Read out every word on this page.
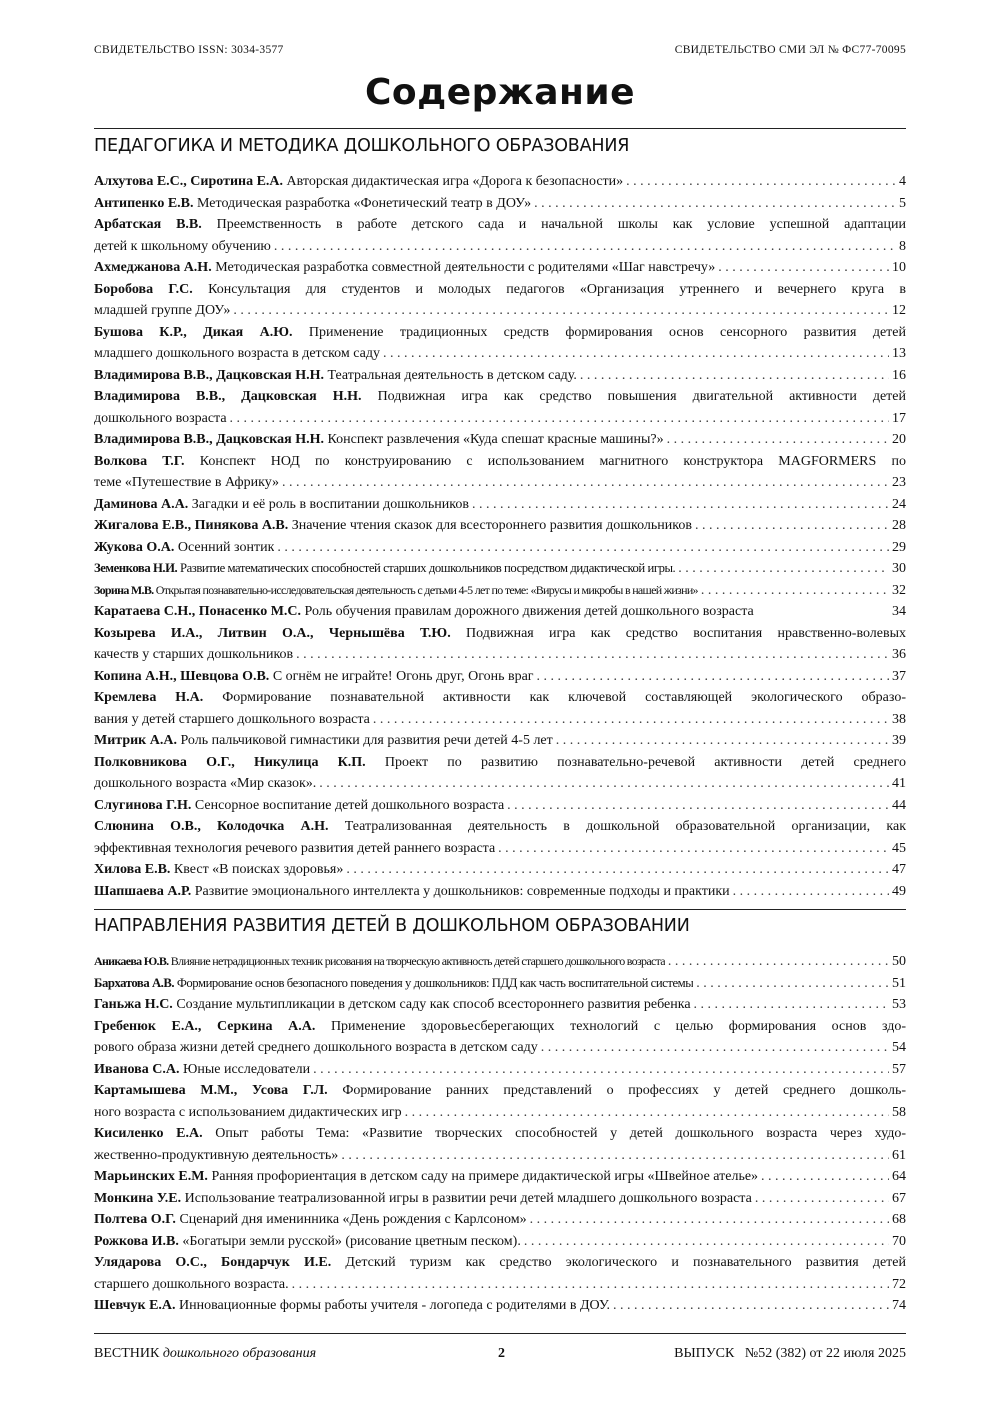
СВИДЕТЕЛЬСТВО ISSN: 3034-3577	СВИДЕТЕЛЬСТВО СМИ ЭЛ № ФС77-70095
Содержание
ПЕДАГОГИКА И МЕТОДИКА ДОШКОЛЬНОГО ОБРАЗОВАНИЯ
Алхутова Е.С., Сиротина Е.А. Авторская дидактическая игра «Дорога к безопасности» . . .	4
Антипенко Е.В. Методическая разработка «Фонетический театр в ДОУ» . . .	5
Арбатская В.В. Преемственность в работе детского сада и начальной школы как условие успешной адаптации
детей к школьному обучению . . .	8
Ахмеджанова А.Н. Методическая разработка совместной деятельности с родителями «Шаг навстречу» . . .	10
Боробова Г.С. Консультация для студентов и молодых педагогов «Организация утреннего и вечернего круга в
младшей группе ДОУ» . . .	12
Бушова К.Р., Дикая А.Ю. Применение традиционных средств формирования основ сенсорного развития детей
младшего дошкольного возраста в детском саду . . .	13
Владимирова В.В., Дацковская Н.Н. Театральная деятельность в детском саду. . . .	16
Владимирова В.В., Дацковская Н.Н. Подвижная игра как средство повышения двигательной активности детей
дошкольного возраста . . .	17
Владимирова В.В., Дацковская Н.Н. Конспект развлечения «Куда спешат красные машины?» . . .	20
Волкова Т.Г. Конспект НОД по конструированию с использованием магнитного конструктора MAGFORMERS по
теме «Путешествие в Африку» . . .	23
Даминова А.А. Загадки и её роль в воспитании дошкольников . . .	24
Жигалова Е.В., Пинякова А.В. Значение чтения сказок для всестороннего развития дошкольников . . .	28
Жукова О.А. Осенний зонтик . . .	29
Земенкова Н.И. Развитие математических способностей старших дошкольников посредством дидактической игры. . . .	30
Зорина М.В. Открытая познавательно-исследовательская деятельность с детьми 4-5 лет по теме: «Вирусы и микробы в нашей жизни» . . .	32
Каратаева С.Н., Понасенко М.С. Роль обучения правилам дорожного движения детей дошкольного возраста	34
Козырева И.А., Литвин О.А., Чернышёва Т.Ю. Подвижная игра как средство воспитания нравственно-волевых
качеств у старших дошкольников . . .	36
Копина А.Н., Шевцова О.В. С огнём не играйте! Огонь друг, Огонь враг . . .	37
Кремлева Н.А. Формирование познавательной активности как ключевой составляющей экологического образо-
вания у детей старшего дошкольного возраста . . .	38
Митрик А.А. Роль пальчиковой гимнастики для развития речи детей 4-5 лет . . .	39
Полковникова О.Г., Никулица К.П. Проект по развитию познавательно-речевой активности детей среднего
дошкольного возраста «Мир сказок». . . .	41
Слугинова Г.Н. Сенсорное воспитание детей дошкольного возраста . . .	44
Слюнина О.В., Колодочка А.Н. Театрализованная деятельность в дошкольной образовательной организации, как
эффективная технология речевого развития детей раннего возраста . . .	45
Хилова Е.В. Квест «В поисках здоровья» . . .	47
Шапшаева А.Р. Развитие эмоционального интеллекта у дошкольников: современные подходы и практики . . .	49
НАПРАВЛЕНИЯ РАЗВИТИЯ ДЕТЕЙ В ДОШКОЛЬНОМ ОБРАЗОВАНИИ
Аникаева Ю.В. Влияние нетрадиционных техник рисования на творческую активность детей старшего дошкольного возраста . . .	50
Бархатова А.В. Формирование основ безопасного поведения у дошкольников: ПДД как часть воспитательной системы . . .	51
Ганьжа Н.С. Создание мультипликации в детском саду как способ всестороннего развития ребенка . . .	53
Гребенюк Е.А., Серкина А.А. Применение здоровьесберегающих технологий с целью формирования основ здо-
рового образа жизни детей среднего дошкольного возраста в детском саду . . .	54
Иванова С.А. Юные исследователи . . .	57
Картамышева М.М., Усова Г.Л. Формирование ранних представлений о профессиях у детей среднего дошколь-
ного возраста с использованием дидактических игр . . .	58
Кисиленко Е.А. Опыт работы Тема: «Развитие творческих способностей у детей дошкольного возраста через худо-
жественно-продуктивную деятельность» . . .	61
Марьинских Е.М. Ранняя профориентация в детском саду на примере дидактической игры «Швейное ателье» . . .	64
Монкина У.Е. Использование театрализованной игры в развитии речи детей младшего дошкольного возраста . . .	67
Полтева О.Г. Сценарий дня именинника «День рождения с Карлсоном» . . .	68
Рожкова И.В. «Богатыри земли русской» (рисование цветным песком). . . .	70
Улядарова О.С., Бондарчук И.Е. Детский туризм как средство экологического и познавательного развития детей
старшего дошкольного возраста. . . .	72
Шевчук Е.А. Инновационные формы работы учителя - логопеда с родителями в ДОУ. . . .	74
ВЕСТНИК дошкольного образования	2	ВЫПУСК   №52 (382) от 22 июля 2025
